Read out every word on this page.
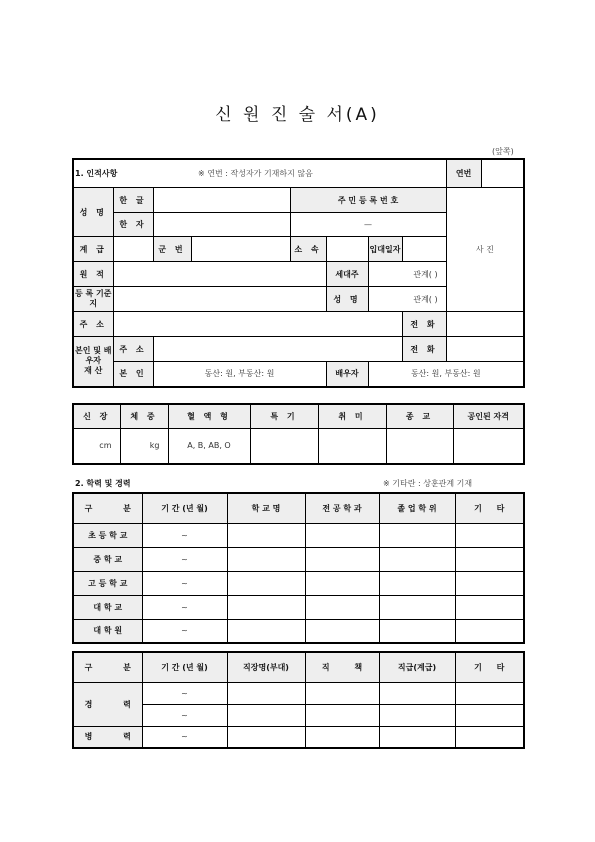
신 원 진 술 서(A)
(앞쪽)
1. 인적사항	※ 연번 : 작성자가 기재하지 않음

연번

성 명	한 글			주 민 등 록 번 호				사 진
	한 자			—				
계 급		군 번		소 속		입대일자		
원 적					세대주	관계( )		
등 록 기준지					성 명	관계( )		
주 소							전 화	
본인 및 배우자
재 산	주 소						전 화	
	본 인	동산: 원, 부동산: 원			배우자	동산: 원, 부동산: 원		
신 장	체 중	혈 액 형	특 기	취 미	종 교	공인된 자격
cm	kg	A, B, AB, O				
2. 학력 및 경력	※ 기타란 : 상훈관계 기재
구 분	기 간 (년 월)	학 교 명	전 공 학 과	졸 업 학 위	기 타
초 등 학 교	~				
중 학 교	~				
고 등 학 교	~				
대 학 교	~				
대 학 원	~				
구 분	기 간 (년 월)	직장명(부대)	직 책	직급(계급)	기 타
경 력	~				
	~				
병 력	~				
